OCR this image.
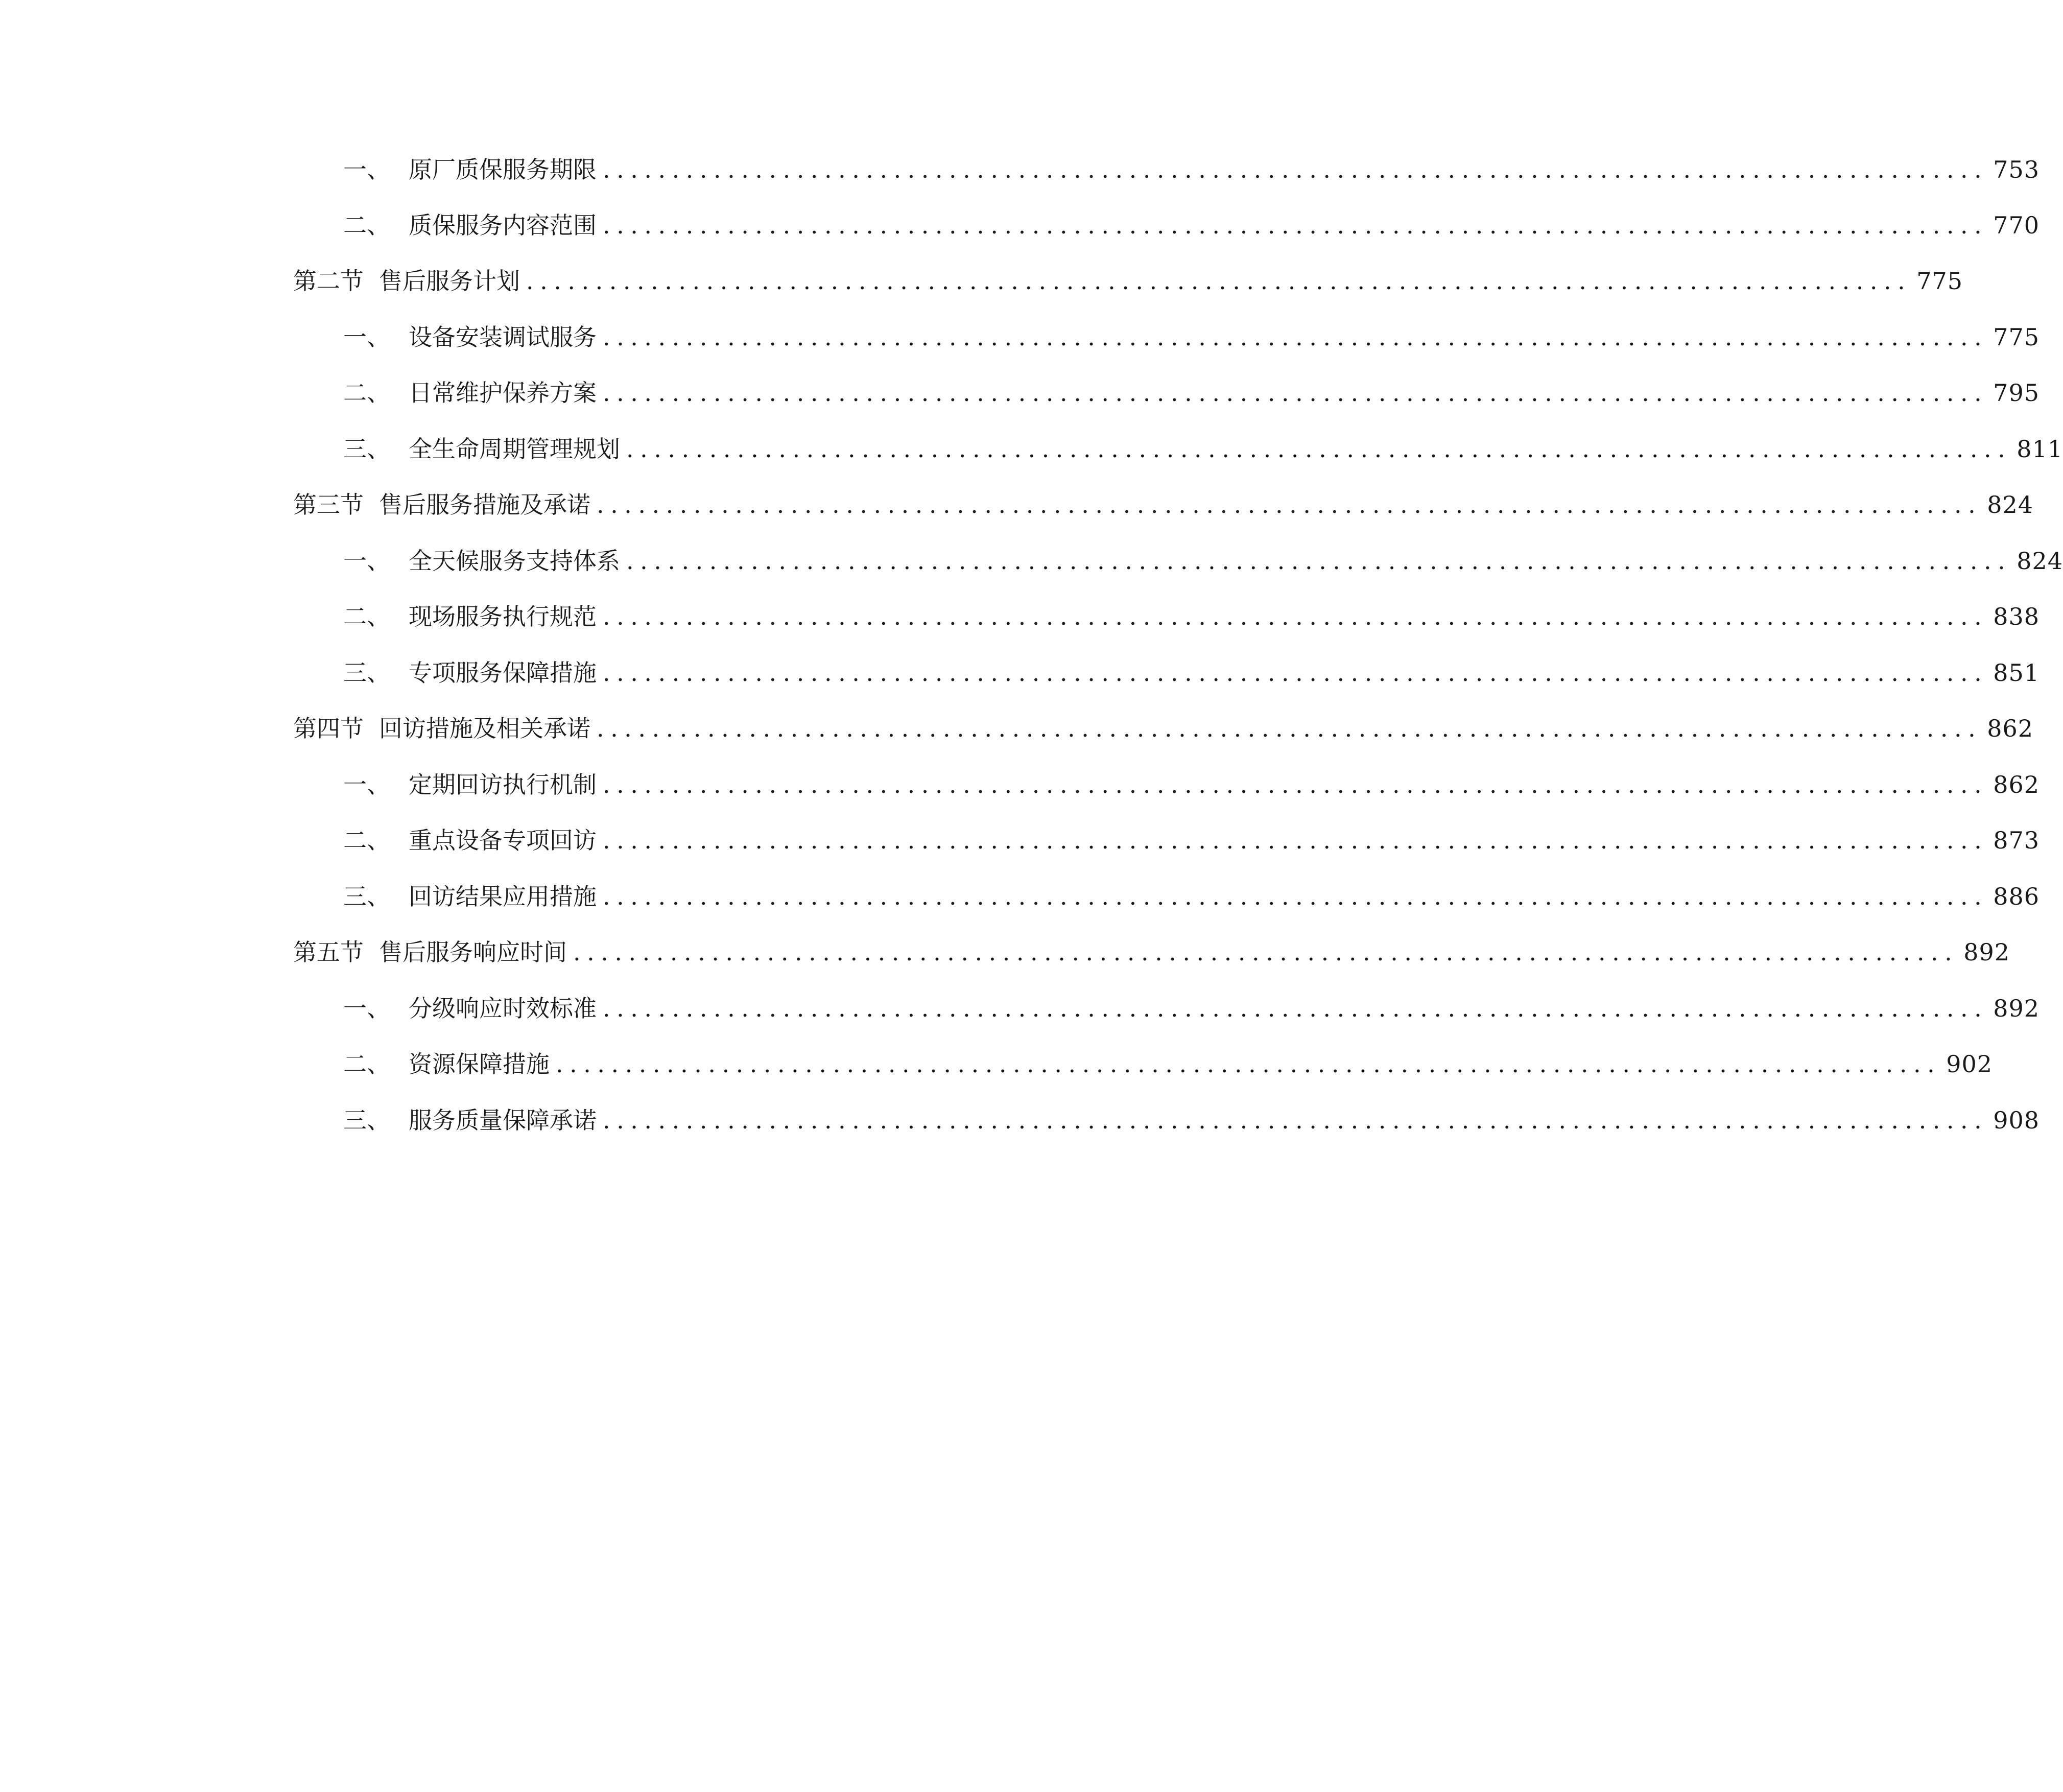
一、 原厂质保服务期限 .................................................................................................... 753
二、 质保服务内容范围 .................................................................................................... 770
第二节 售后服务计划 .................................................................................................... 775
一、 设备安装调试服务 .................................................................................................... 775
二、 日常维护保养方案 .................................................................................................... 795
三、 全生命周期管理规划 .................................................................................................... 811
第三节 售后服务措施及承诺 .................................................................................................... 824
一、 全天候服务支持体系 .................................................................................................... 824
二、 现场服务执行规范 .................................................................................................... 838
三、 专项服务保障措施 .................................................................................................... 851
第四节 回访措施及相关承诺 .................................................................................................... 862
一、 定期回访执行机制 .................................................................................................... 862
二、 重点设备专项回访 .................................................................................................... 873
三、 回访结果应用措施 .................................................................................................... 886
第五节 售后服务响应时间 .................................................................................................... 892
一、 分级响应时效标准 .................................................................................................... 892
二、 资源保障措施 .................................................................................................... 902
三、 服务质量保障承诺 .................................................................................................... 908
